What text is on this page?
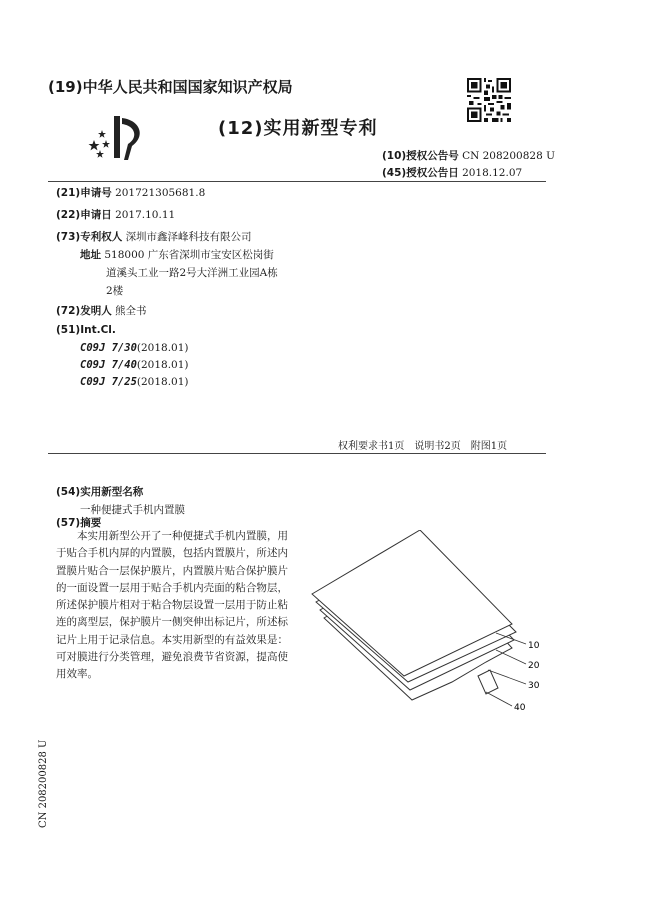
(19)中华人民共和国国家知识产权局
(12)实用新型专利
(10)授权公告号 CN 208200828 U
(45)授权公告日 2018.12.07
(21)申请号 201721305681.8
(22)申请日 2017.10.11
(73)专利权人 深圳市鑫泽峰科技有限公司
地址 518000 广东省深圳市宝安区松岗街
道溪头工业一路2号大洋洲工业园A栋
2楼
(72)发明人 熊全书
(51)Int.Cl.
C09J 7/30(2018.01)
C09J 7/40(2018.01)
C09J 7/25(2018.01)
权利要求书1页　说明书2页　附图1页
(54)实用新型名称
一种便捷式手机内置膜
(57)摘要
本实用新型公开了一种便捷式手机内置膜，用于贴合手机内屏的内置膜，包括内置膜片，所述内置膜片贴合一层保护膜片，内置膜片贴合保护膜片的一面设置一层用于贴合手机内壳面的粘合物层，所述保护膜片相对于粘合物层设置一层用于防止粘连的离型层，保护膜片一侧突伸出标记片，所述标记片上用于记录信息。本实用新型的有益效果是：可对膜进行分类管理，避免浪费节省资源，提高使用效率。
10
20
30
40
CN 208200828 U
